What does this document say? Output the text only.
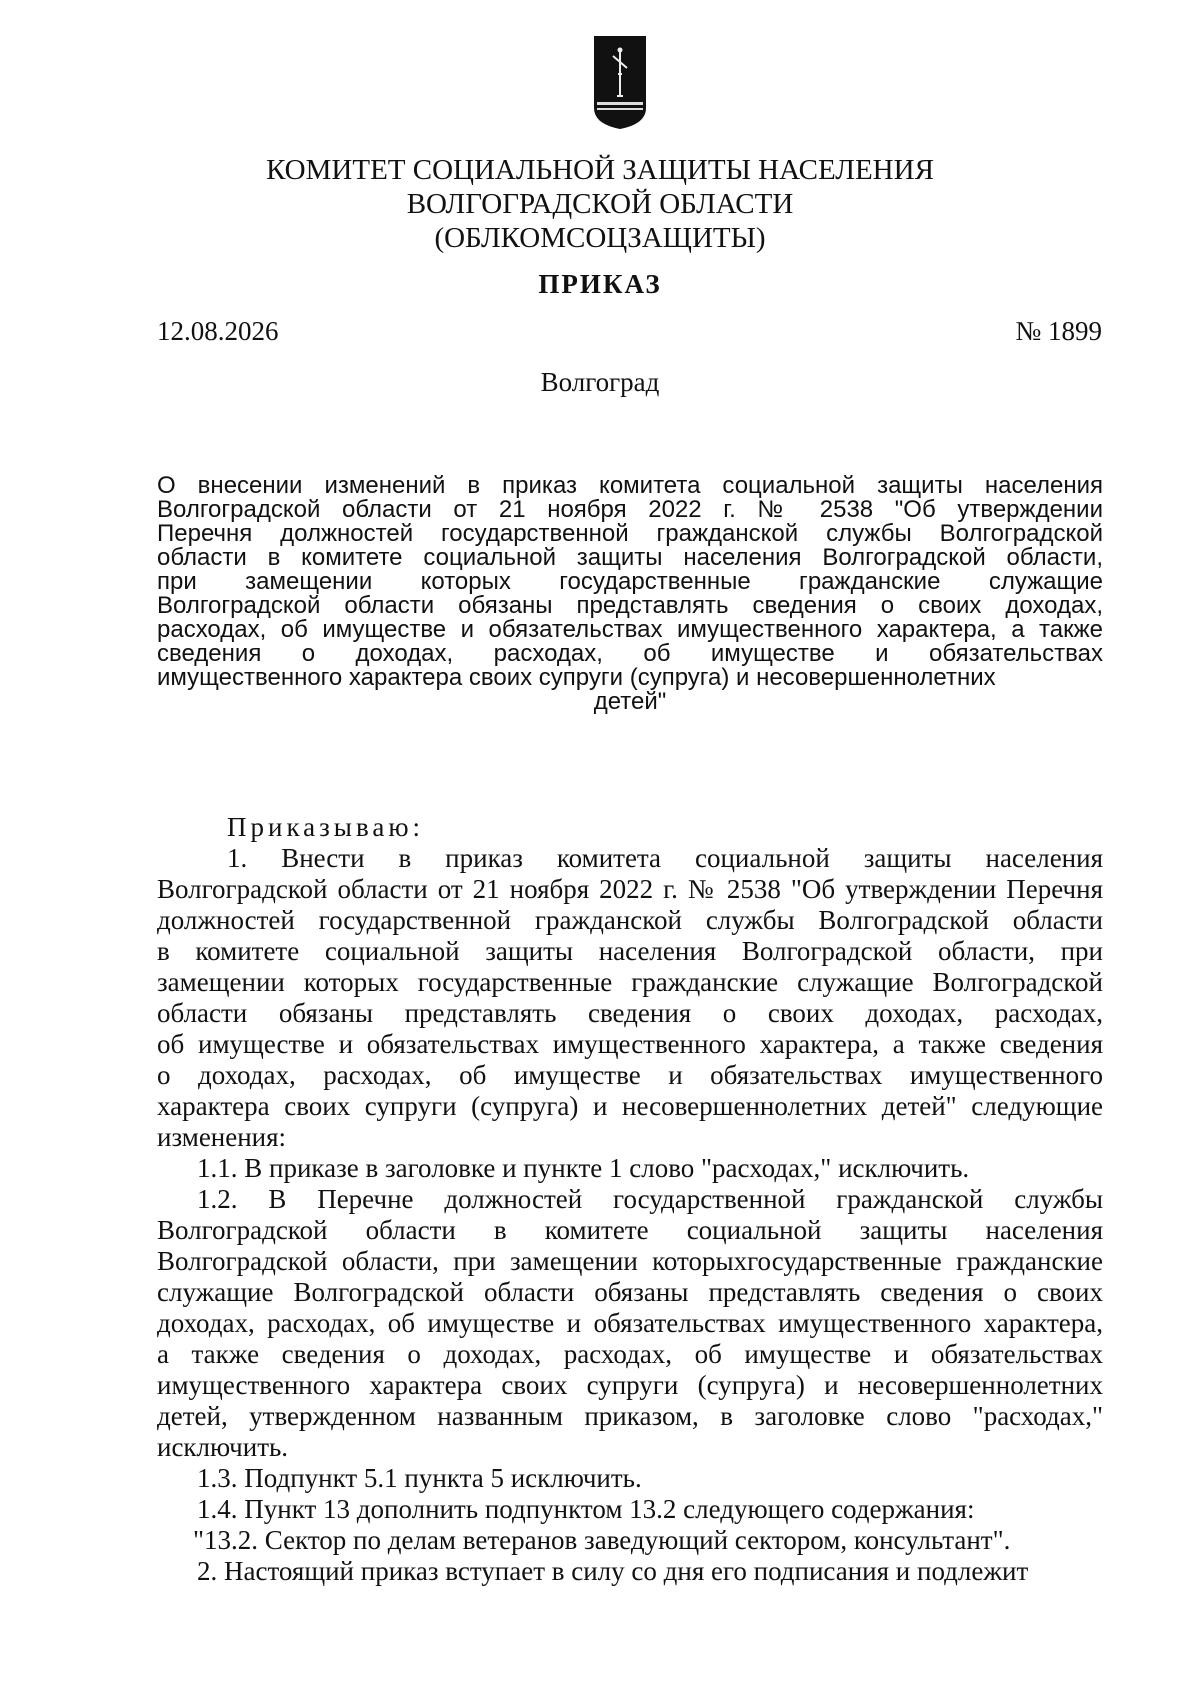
КОМИТЕТ СОЦИАЛЬНОЙ ЗАЩИТЫ НАСЕЛЕНИЯ
ВОЛГОГРАДСКОЙ ОБЛАСТИ
(ОБЛКОМСОЦЗАЩИТЫ)
ПРИКАЗ
12.08.2026	№ 1899
Волгоград
О внесении изменений в приказ комитета социальной защиты населения
Волгоградской области от 21 ноября 2022 г. № 2538 "Об утверждении
Перечня должностей государственной гражданской службы Волгоградской
области в комитете социальной защиты населения Волгоградской области,
при замещении которых государственные гражданские служащие
Волгоградской области обязаны представлять сведения о своих доходах,
расходах, об имуществе и обязательствах имущественного характера, а также
сведения о доходах, расходах, об имуществе и обязательствах
имущественного характера своих супруги (супруга) и несовершеннолетних
детей"
Приказываю:
1. Внести в приказ комитета социальной защиты населения
Волгоградской области от 21 ноября 2022 г. № 2538 "Об утверждении Перечня
должностей государственной гражданской службы Волгоградской области
в комитете социальной защиты населения Волгоградской области, при
замещении которых государственные гражданские служащие Волгоградской
области обязаны представлять сведения о своих доходах, расходах,
об имуществе и обязательствах имущественного характера, а также сведения
о доходах, расходах, об имуществе и обязательствах имущественного
характера своих супруги (супруга) и несовершеннолетних детей" следующие
изменения:
1.1. В приказе в заголовке и пункте 1 слово "расходах," исключить.
1.2. В Перечне должностей государственной гражданской службы
Волгоградской области в комитете социальной защиты населения
Волгоградской области, при замещении которыхгосударственные гражданские
служащие Волгоградской области обязаны представлять сведения о своих
доходах, расходах, об имуществе и обязательствах имущественного характера,
а также сведения о доходах, расходах, об имуществе и обязательствах
имущественного характера своих супруги (супруга) и несовершеннолетних
детей, утвержденном названным приказом, в заголовке слово "расходах,"
исключить.
1.3. Подпункт 5.1 пункта 5 исключить.
1.4. Пункт 13 дополнить подпунктом 13.2 следующего содержания:
"13.2. Сектор по делам ветеранов заведующий сектором, консультант".
2. Настоящий приказ вступает в силу со дня его подписания и подлежит
